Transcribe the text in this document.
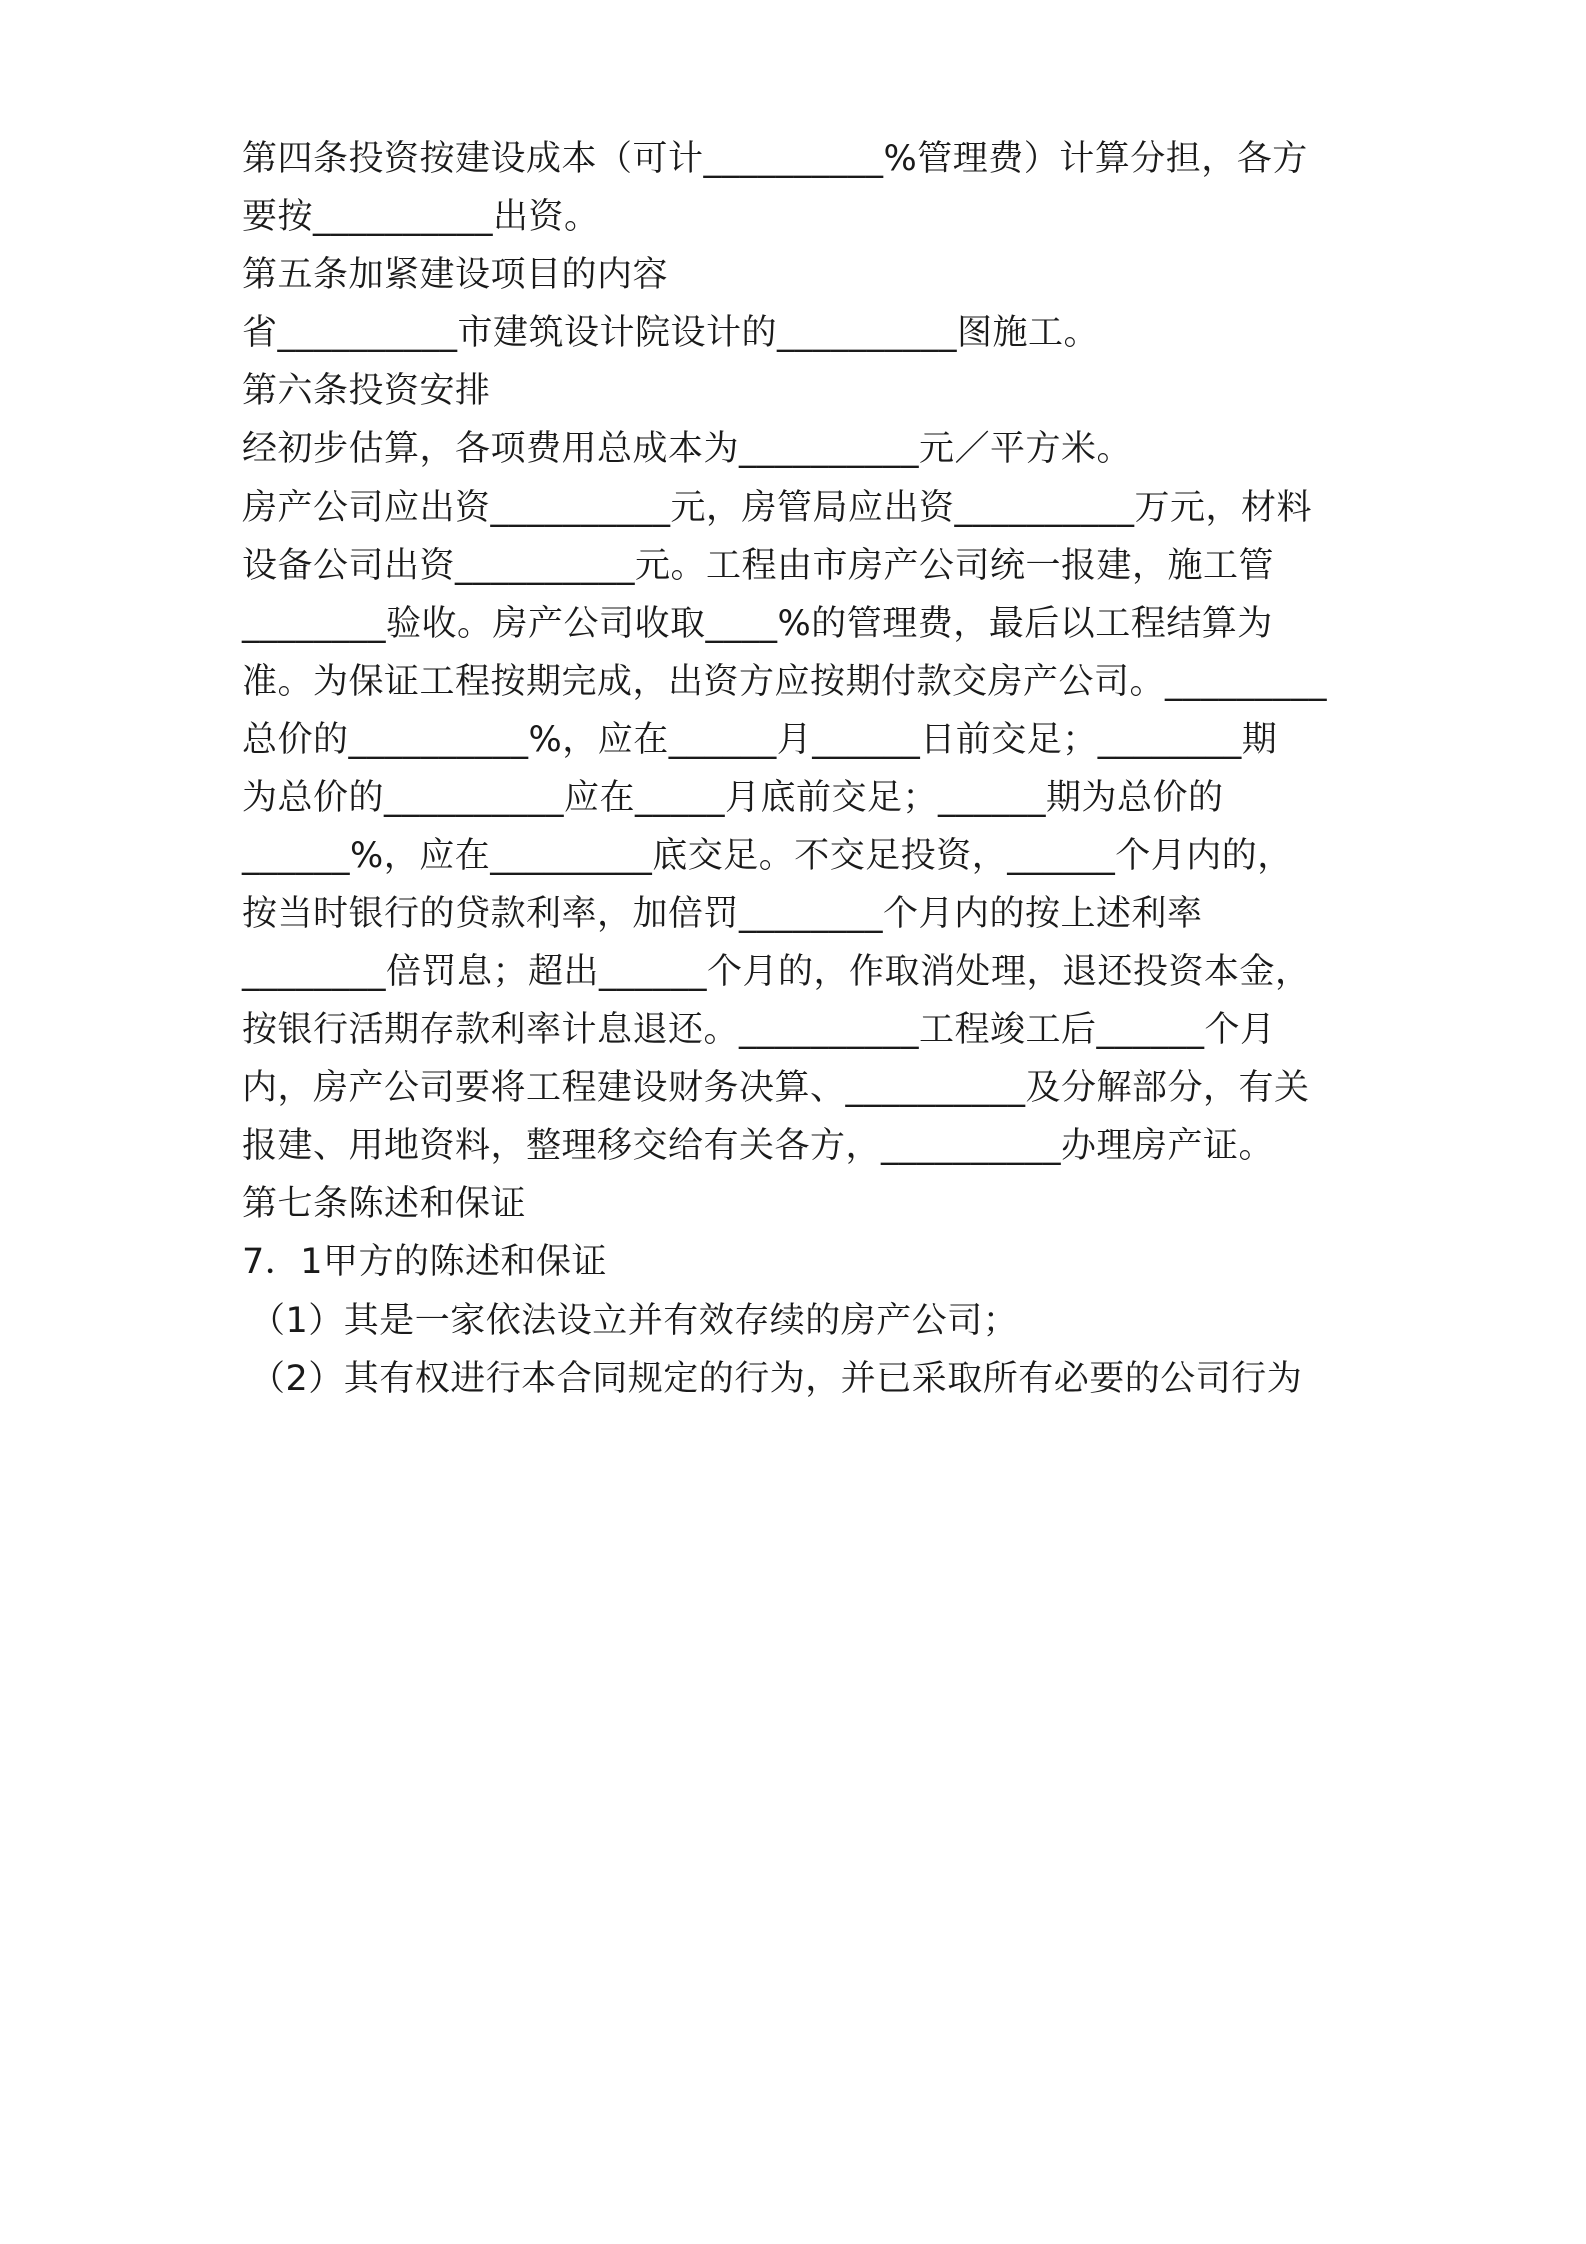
第四条投资按建设成本（可计__________%管理费）计算分担，各方
要按__________出资。
第五条加紧建设项目的内容
省__________市建筑设计院设计的__________图施工。
第六条投资安排
经初步估算，各项费用总成本为__________元／平方米。
房产公司应出资__________元，房管局应出资__________万元，材料
设备公司出资__________元。工程由市房产公司统一报建，施工管
________验收。房产公司收取____%的管理费，最后以工程结算为
准。为保证工程按期完成，出资方应按期付款交房产公司。_________
总价的__________%，应在______月______日前交足；________期
为总价的__________应在_____月底前交足；______期为总价的
______%，应在_________底交足。不交足投资，______个月内的，
按当时银行的贷款利率，加倍罚________个月内的按上述利率
________倍罚息；超出______个月的，作取消处理，退还投资本金，
按银行活期存款利率计息退还。__________工程竣工后______个月
内，房产公司要将工程建设财务决算、__________及分解部分，有关
报建、用地资料，整理移交给有关各方，__________办理房产证。
第七条陈述和保证
7．1甲方的陈述和保证
（1）其是一家依法设立并有效存续的房产公司；
（2）其有权进行本合同规定的行为，并已采取所有必要的公司行为
